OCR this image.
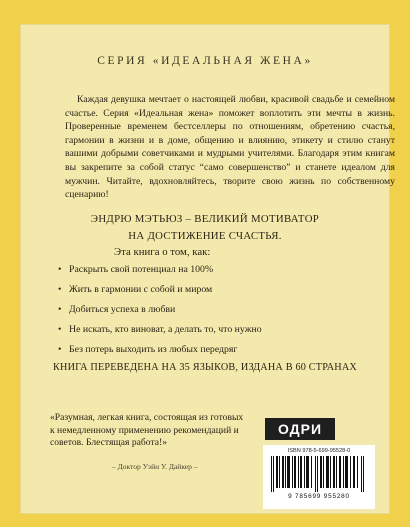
СЕРИЯ «ИДЕАЛЬНАЯ ЖЕНА»
Каждая девушка мечтает о настоящей любви, красивой свадьбе и семейном счастье. Серия «Идеальная жена» поможет воплотить эти мечты в жизнь. Проверенные временем бестселлеры по отношениям, обретению счастья, гармонии в жизни и в доме, общению и влиянию, этикету и стилю станут вашими добрыми советчиками и мудрыми учителями. Благодаря этим книгам вы закрепите за собой статус “само совершенство” и станете идеалом для мужчин. Читайте, вдохновляйтесь, творите свою жизнь по собственному сценарию!
ЭНДРЮ МЭТЬЮЗ – ВЕЛИКИЙ МОТИВАТОР
НА ДОСТИЖЕНИЕ СЧАСТЬЯ.
Эта книга о том, как:
• Раскрыть свой потенциал на 100%
• Жить в гармонии с собой и миром
• Добиться успеха в любви
• Не искать, кто виноват, а делать то, что нужно
• Без потерь выходить из любых передряг
КНИГА ПЕРЕВЕДЕНА НА 35 ЯЗЫКОВ, ИЗДАНА В 60 СТРАНАХ
«Разумная, легкая книга, состоящая из готовых к немедленному применению рекомендаций и советов. Блестящая работа!»
– Доктор Уэйн У. Дайкер –
ОДРИ
ISBN 978-5-699-95528-0
9 785699 955280
